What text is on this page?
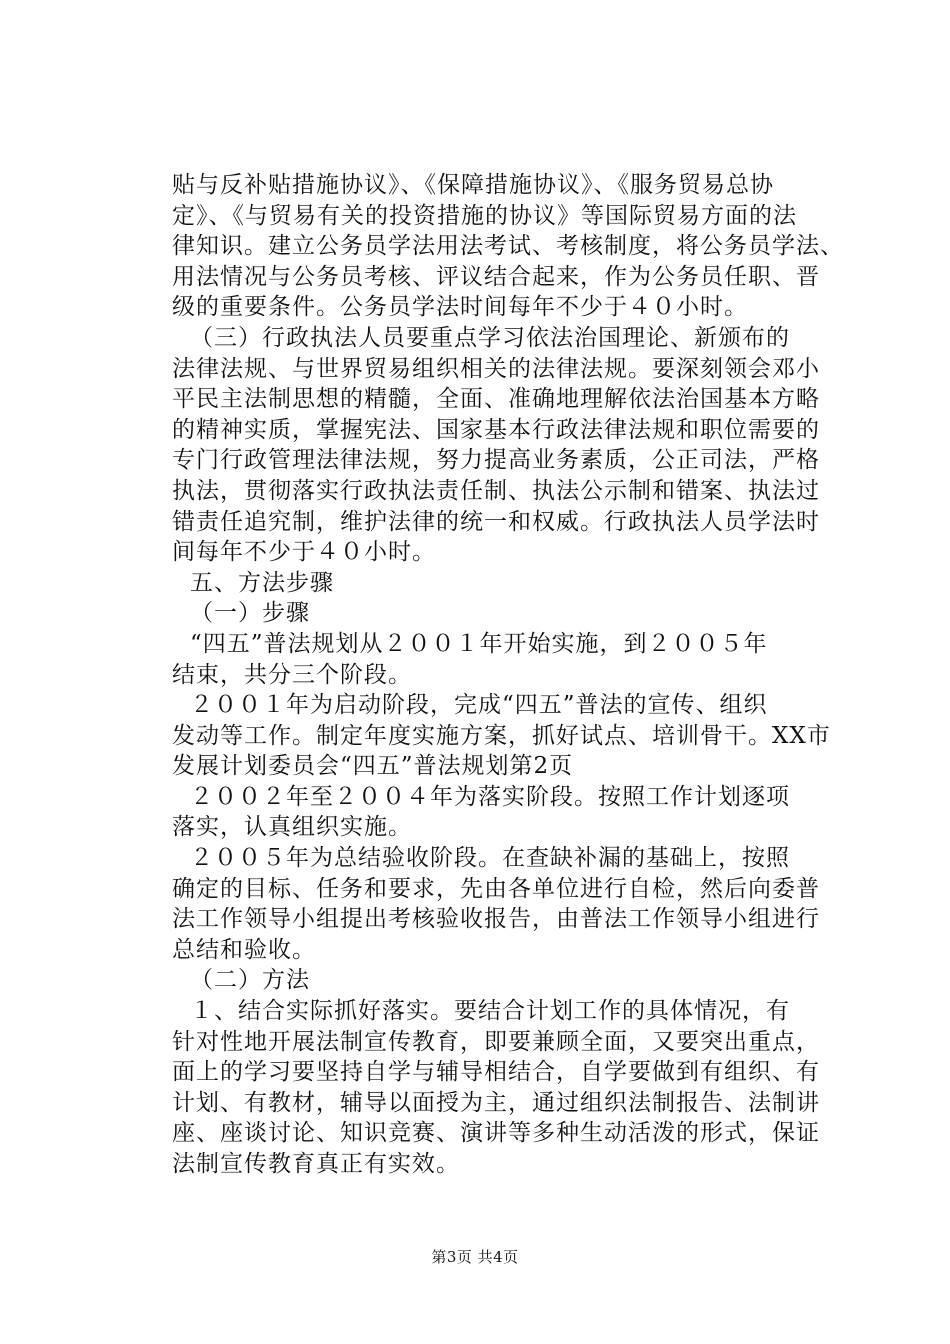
贴与反补贴措施协议》、《保障措施协议》、《服务贸易总协
定》、《与贸易有关的投资措施的协议》等国际贸易方面的法
律知识。建立公务员学法用法考试、考核制度，将公务员学法、
用法情况与公务员考核、评议结合起来，作为公务员任职、晋
级的重要条件。公务员学法时间每年不少于４０小时。
（三）行政执法人员要重点学习依法治国理论、新颁布的
法律法规、与世界贸易组织相关的法律法规。要深刻领会邓小
平民主法制思想的精髓，全面、准确地理解依法治国基本方略
的精神实质，掌握宪法、国家基本行政法律法规和职位需要的
专门行政管理法律法规，努力提高业务素质，公正司法，严格
执法，贯彻落实行政执法责任制、执法公示制和错案、执法过
错责任追究制，维护法律的统一和权威。行政执法人员学法时
间每年不少于４０小时。
五、方法步骤
（一）步骤
“四五”普法规划从２００１年开始实施，到２００５年
结束，共分三个阶段。
２００１年为启动阶段，完成“四五”普法的宣传、组织
发动等工作。制定年度实施方案，抓好试点、培训骨干。XX市
发展计划委员会“四五”普法规划第2页
２００２年至２００４年为落实阶段。按照工作计划逐项
落实，认真组织实施。
２００５年为总结验收阶段。在查缺补漏的基础上，按照
确定的目标、任务和要求，先由各单位进行自检，然后向委普
法工作领导小组提出考核验收报告，由普法工作领导小组进行
总结和验收。
（二）方法
１、结合实际抓好落实。要结合计划工作的具体情况，有
针对性地开展法制宣传教育，即要兼顾全面，又要突出重点，
面上的学习要坚持自学与辅导相结合，自学要做到有组织、有
计划、有教材，辅导以面授为主，通过组织法制报告、法制讲
座、座谈讨论、知识竞赛、演讲等多种生动活泼的形式，保证
法制宣传教育真正有实效。
第3页 共4页
